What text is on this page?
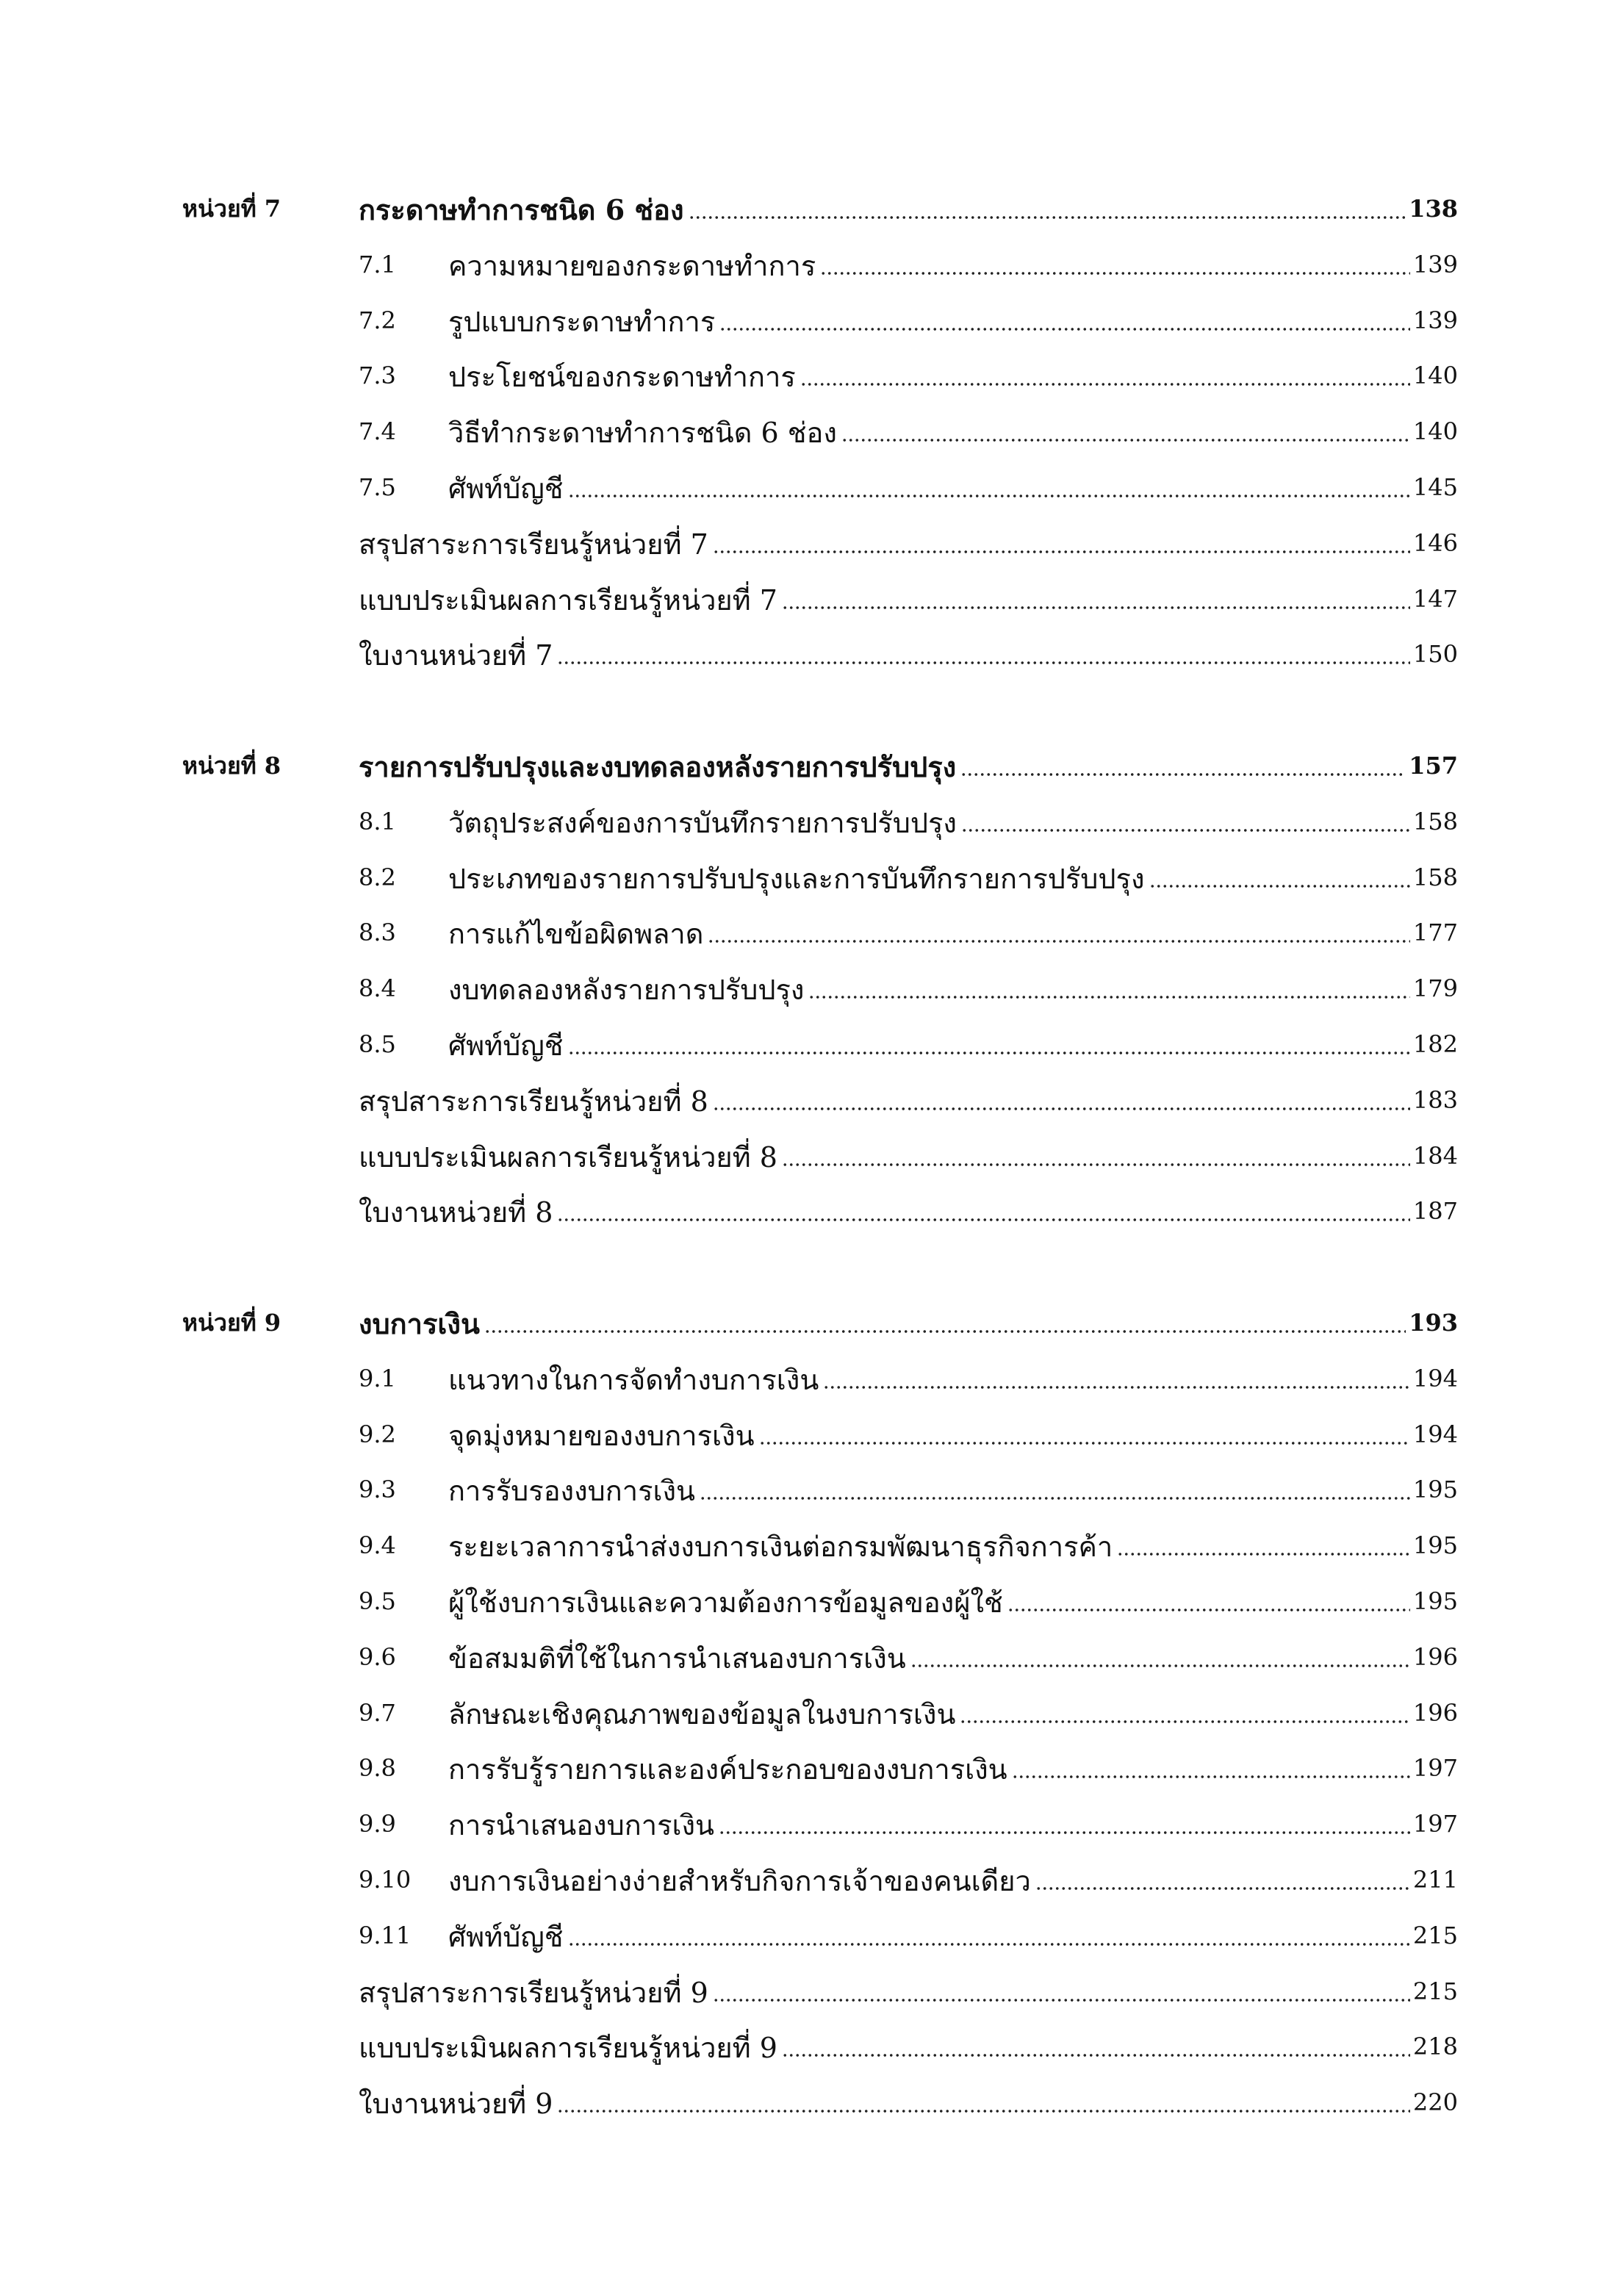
หน่วยที่ 7	กระดาษทำการชนิด 6 ช่อง	138
7.1	ความหมายของกระดาษทำการ	139
7.2	รูปแบบกระดาษทำการ	139
7.3	ประโยชน์ของกระดาษทำการ	140
7.4	วิธีทำกระดาษทำการชนิด 6 ช่อง	140
7.5	ศัพท์บัญชี	145
สรุปสาระการเรียนรู้หน่วยที่ 7	146
แบบประเมินผลการเรียนรู้หน่วยที่ 7	147
ใบงานหน่วยที่ 7	150
หน่วยที่ 8	รายการปรับปรุงและงบทดลองหลังรายการปรับปรุง	157
8.1	วัตถุประสงค์ของการบันทึกรายการปรับปรุง	158
8.2	ประเภทของรายการปรับปรุงและการบันทึกรายการปรับปรุง	158
8.3	การแก้ไขข้อผิดพลาด	177
8.4	งบทดลองหลังรายการปรับปรุง	179
8.5	ศัพท์บัญชี	182
สรุปสาระการเรียนรู้หน่วยที่ 8	183
แบบประเมินผลการเรียนรู้หน่วยที่ 8	184
ใบงานหน่วยที่ 8	187
หน่วยที่ 9	งบการเงิน	193
9.1	แนวทางในการจัดทำงบการเงิน	194
9.2	จุดมุ่งหมายของงบการเงิน	194
9.3	การรับรองงบการเงิน	195
9.4	ระยะเวลาการนำส่งงบการเงินต่อกรมพัฒนาธุรกิจการค้า	195
9.5	ผู้ใช้งบการเงินและความต้องการข้อมูลของผู้ใช้	195
9.6	ข้อสมมติที่ใช้ในการนำเสนองบการเงิน	196
9.7	ลักษณะเชิงคุณภาพของข้อมูลในงบการเงิน	196
9.8	การรับรู้รายการและองค์ประกอบของงบการเงิน	197
9.9	การนำเสนองบการเงิน	197
9.10	งบการเงินอย่างง่ายสำหรับกิจการเจ้าของคนเดียว	211
9.11	ศัพท์บัญชี	215
สรุปสาระการเรียนรู้หน่วยที่ 9	215
แบบประเมินผลการเรียนรู้หน่วยที่ 9	218
ใบงานหน่วยที่ 9	220
